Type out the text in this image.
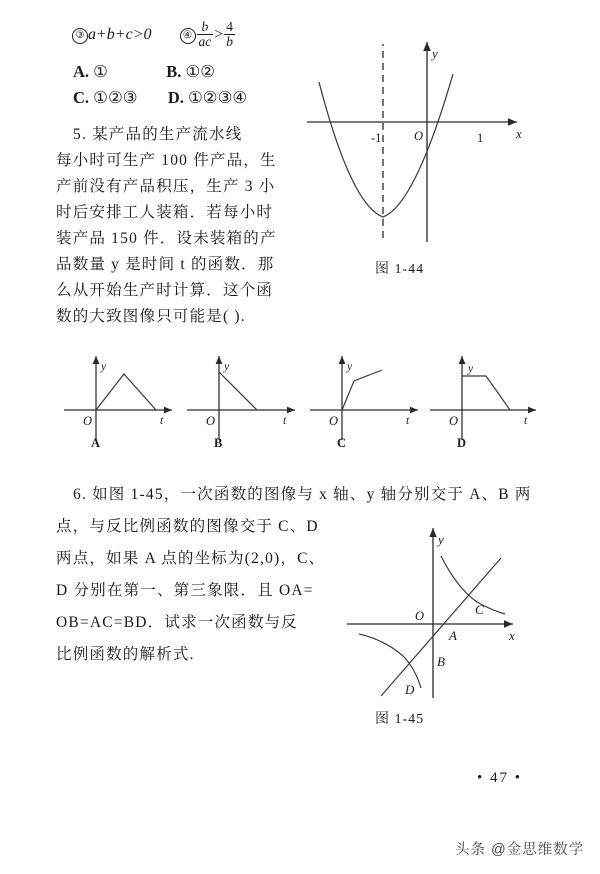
③ a+b+c>0	④ $\frac{b}{ac} > \frac{4}{b}$
A. ①	B. ①②
C. ①②③ D. ①②③④
5. 某产品的生产流水线
每小时可生产 100 件产品，生
产前没有产品积压，生产 3 小
时后安排工人装箱．若每小时
装产品 150 件．设未装箱的产
品数量 y 是时间 t 的函数．那
么从开始生产时计算．这个函
数的大致图像只可能是( ).
y
x
O
-1	1
图 1-44
y
t
O
A
y
t
O
B
y
t
O
C
y
t
O
D
6. 如图 1-45，一次函数的图像与 x 轴、y 轴分别交于 A、B 两
点，与反比例函数的图像交于 C、D
两点，如果 A 点的坐标为(2,0)，C、
D 分别在第一、第三象限．且 OA=
OB=AC=BD．试求一次函数与反
比例函数的解析式.
y
x
O
A
B
C
D
图 1-45
• 47 •
头条 @金思维数学
